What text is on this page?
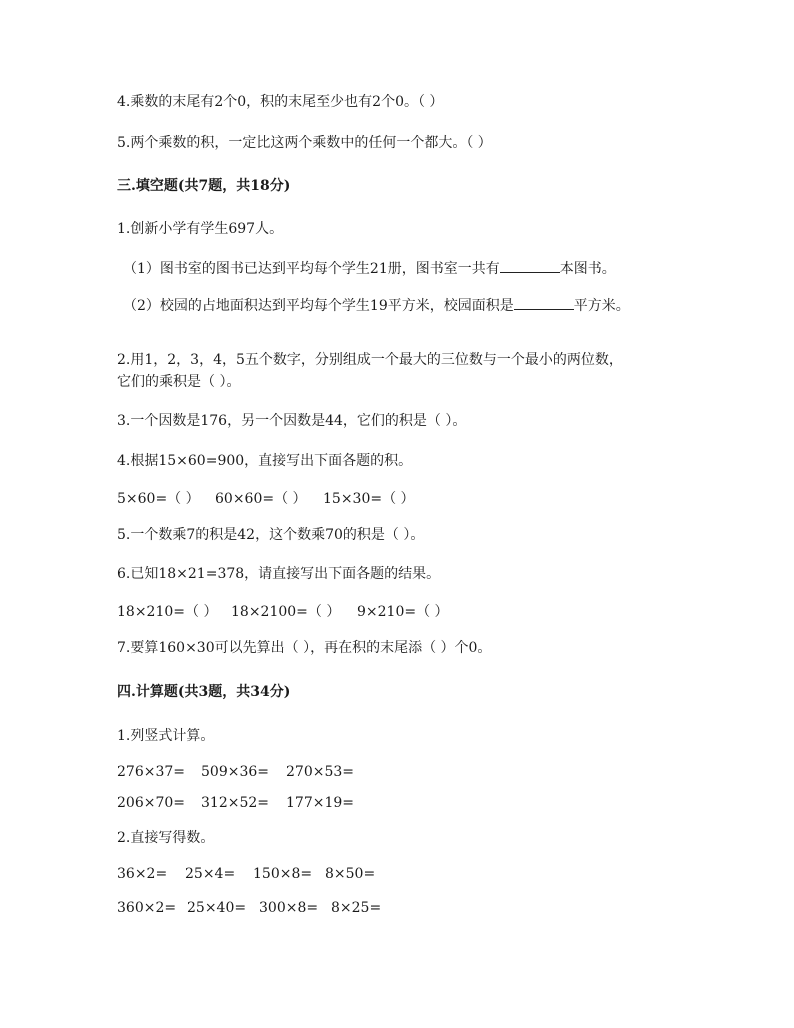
4.乘数的末尾有2个0，积的末尾至少也有2个0。（ ）
5.两个乘数的积，一定比这两个乘数中的任何一个都大。（ ）
三.填空题(共7题，共18分)
1.创新小学有学生697人。
（1）图书室的图书已达到平均每个学生21册，图书室一共有	本图书。
（2）校园的占地面积达到平均每个学生19平方米，校园面积是	平方米。
2.用1，2，3，4，5五个数字，分别组成一个最大的三位数与一个最小的两位数，
它们的乘积是（ ）。
3.一个因数是176，另一个因数是44，它们的积是（ ）。
4.根据15×60=900，直接写出下面各题的积。
5×60=（ ） 60×60=（ ） 15×30=（ ）
5.一个数乘7的积是42，这个数乘70的积是（ ）。
6.已知18×21=378，请直接写出下面各题的结果。
18×210=（ ） 18×2100=（ ） 9×210=（ ）
7.要算160×30可以先算出（ ），再在积的末尾添（ ）个0。
四.计算题(共3题，共34分)
1.列竖式计算。
276×37= 509×36= 270×53=
206×70= 312×52= 177×19=
2.直接写得数。
36×2= 25×4= 150×8= 8×50=
360×2= 25×40= 300×8= 8×25=
